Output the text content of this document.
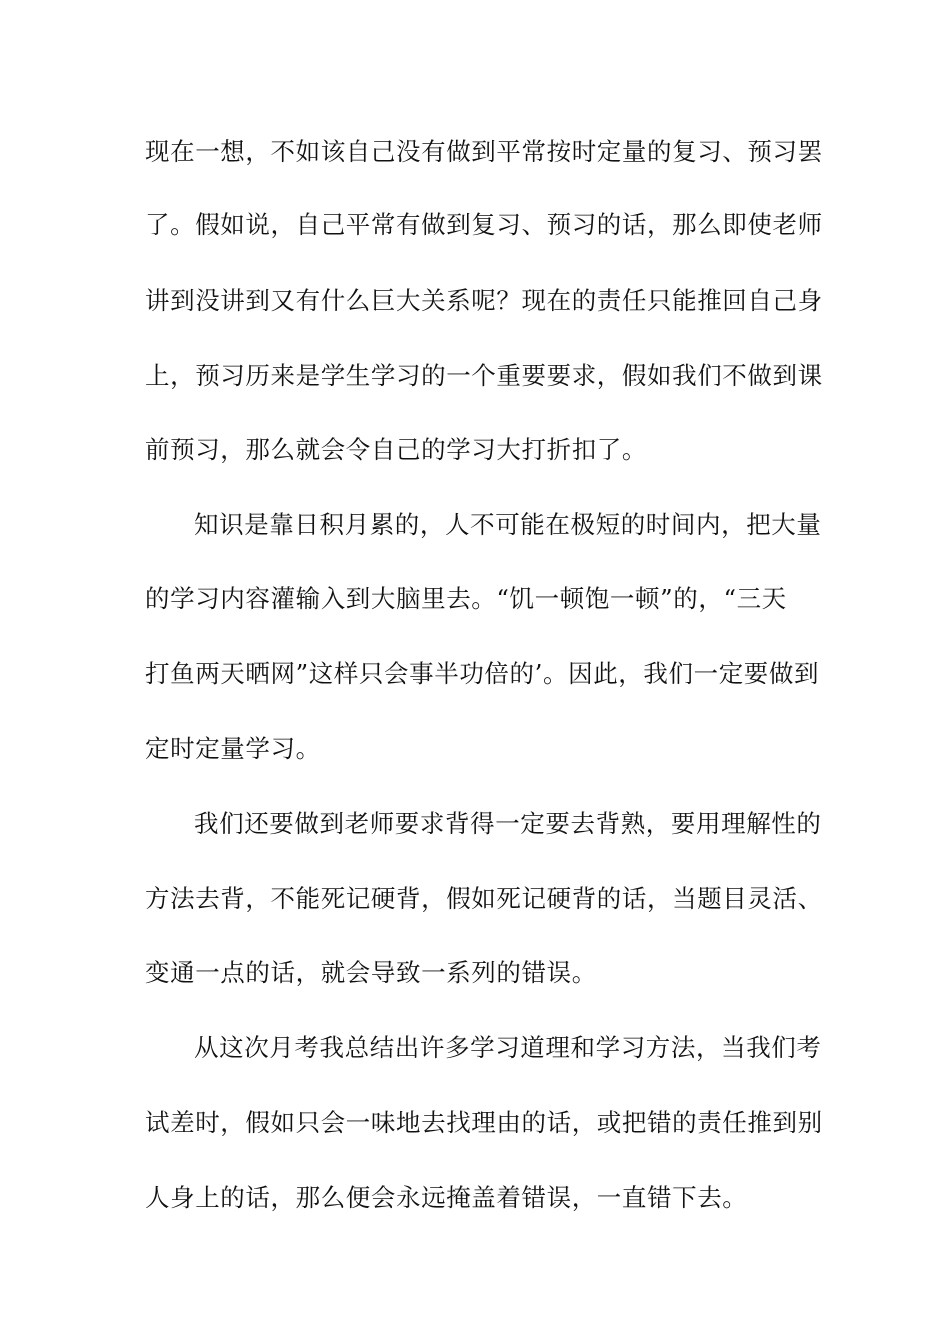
现在一想，不如该自己没有做到平常按时定量的复习、预习罢
了。假如说，自己平常有做到复习、预习的话，那么即使老师
讲到没讲到又有什么巨大关系呢？现在的责任只能推回自己身
上，预习历来是学生学习的一个重要要求，假如我们不做到课
前预习，那么就会令自己的学习大打折扣了。
知识是靠日积月累的，人不可能在极短的时间内，把大量
的学习内容灌输入到大脑里去。“饥一顿饱一顿”的，“三天
打鱼两天晒网”这样只会事半功倍的’。因此，我们一定要做到
定时定量学习。
我们还要做到老师要求背得一定要去背熟，要用理解性的
方法去背，不能死记硬背，假如死记硬背的话，当题目灵活、
变通一点的话，就会导致一系列的错误。
从这次月考我总结出许多学习道理和学习方法，当我们考
试差时，假如只会一味地去找理由的话，或把错的责任推到别
人身上的话，那么便会永远掩盖着错误，一直错下去。
